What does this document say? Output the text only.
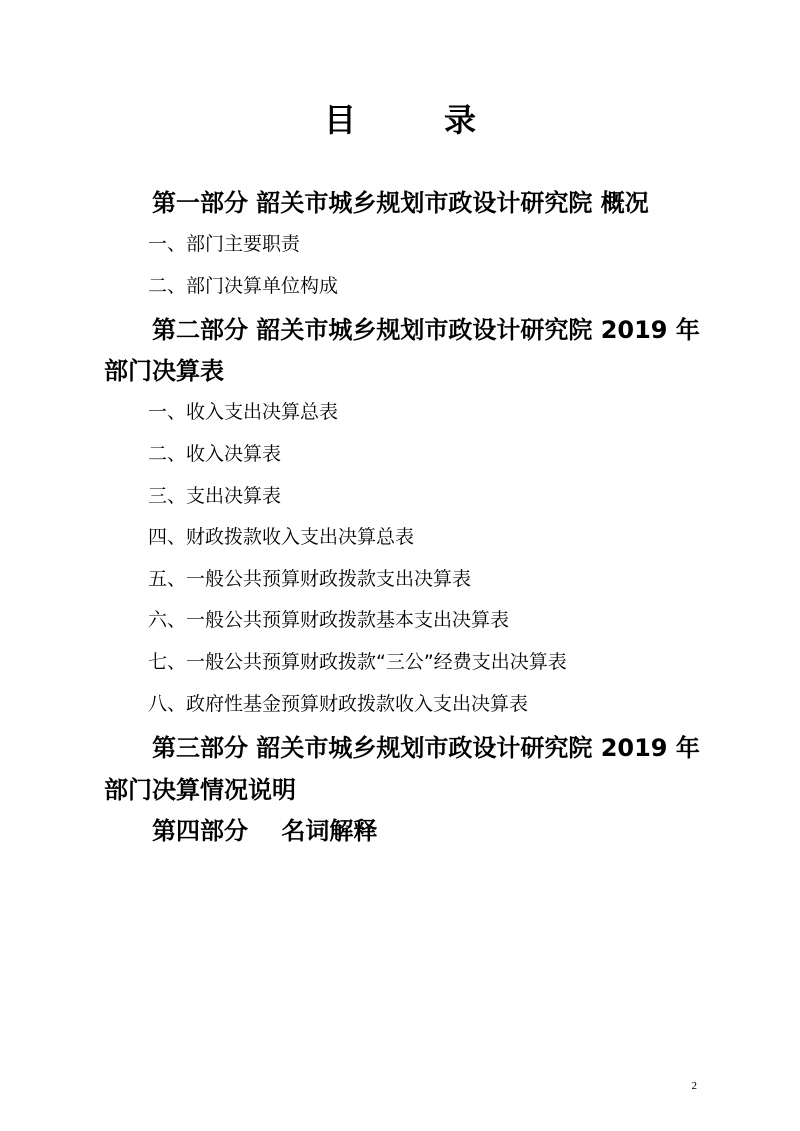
目	录
第一部分 韶关市城乡规划市政设计研究院 概况
一、部门主要职责
二、部门决算单位构成
第二部分 韶关市城乡规划市政设计研究院 2019 年
部门决算表
一、收入支出决算总表
二、收入决算表
三、支出决算表
四、财政拨款收入支出决算总表
五、一般公共预算财政拨款支出决算表
六、一般公共预算财政拨款基本支出决算表
七、一般公共预算财政拨款“三公”经费支出决算表
八、政府性基金预算财政拨款收入支出决算表
第三部分 韶关市城乡规划市政设计研究院 2019 年
部门决算情况说明
第四部分    名词解释
2
